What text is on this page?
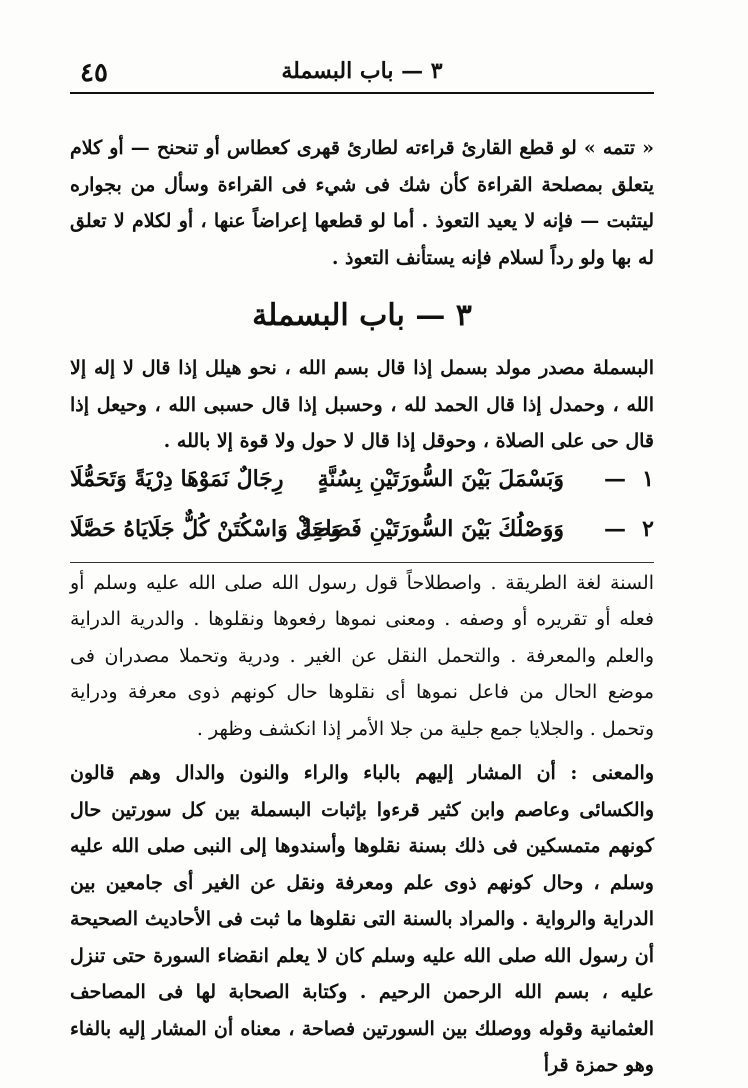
٤٥	٣ — باب البسملة

« تتمه » لو قطع القارئ قراءته لطارئ قهرى كعطاس أو تنحنح — أو كلام يتعلق بمصلحة القراءة كأن شك فى شيء فى القراءة وسأل من بجواره ليتثبت — فإنه لا يعيد التعوذ . أما لو قطعها إعراضاً عنها ، أو لكلام لا تعلق له بها ولو رداً لسلام فإنه يستأنف التعوذ .

٣ — باب البسملة

البسملة مصدر مولد بسمل إذا قال بسم الله ، نحو هيلل إذا قال لا إله إلا الله ، وحمدل إذا قال الحمد لله ، وحسبل إذا قال حسبى الله ، وحيعل إذا قال حى على الصلاة ، وحوقل إذا قال لا حول ولا قوة إلا بالله .

١
—
وَبَسْمَلَ بَيْنَ السُّورَتَيْنِ بِسُنَّةٍ
رِجَالٌ نَمَوْهَا دِرْيَةً وَتَحَمُّلَا
٢
—
وَوَصْلُكَ بَيْنَ السُّورَتَيْنِ فَصَاحَةٌ
وَصِلْ وَاسْكُتَنْ كُلٌّ جَلَايَاهُ حَصَّلَا

السنة لغة الطريقة . واصطلاحاً قول رسول الله صلى الله عليه وسلم أو فعله أو تقريره أو وصفه . ومعنى نموها رفعوها ونقلوها . والدرية الدراية والعلم والمعرفة . والتحمل النقل عن الغير . ودرية وتحملا مصدران فى موضع الحال من فاعل نموها أى نقلوها حال كونهم ذوى معرفة ودراية وتحمل . والجلايا جمع جلية من جلا الأمر إذا انكشف وظهر .

والمعنى : أن المشار إليهم بالباء والراء والنون والدال وهم قالون والكسائى وعاصم وابن كثير قرءوا بإثبات البسملة بين كل سورتين حال كونهم متمسكين فى ذلك بسنة نقلوها وأسندوها إلى النبى صلى الله عليه وسلم ، وحال كونهم ذوى علم ومعرفة ونقل عن الغير أى جامعين بين الدراية والرواية . والمراد بالسنة التى نقلوها ما ثبت فى الأحاديث الصحيحة أن رسول الله صلى الله عليه وسلم كان لا يعلم انقضاء السورة حتى تنزل عليه ، بسم الله الرحمن الرحيم . وكتابة الصحابة لها فى المصاحف العثمانية وقوله ووصلك بين السورتين فصاحة ، معناه أن المشار إليه بالفاء وهو حمزة قرأ
